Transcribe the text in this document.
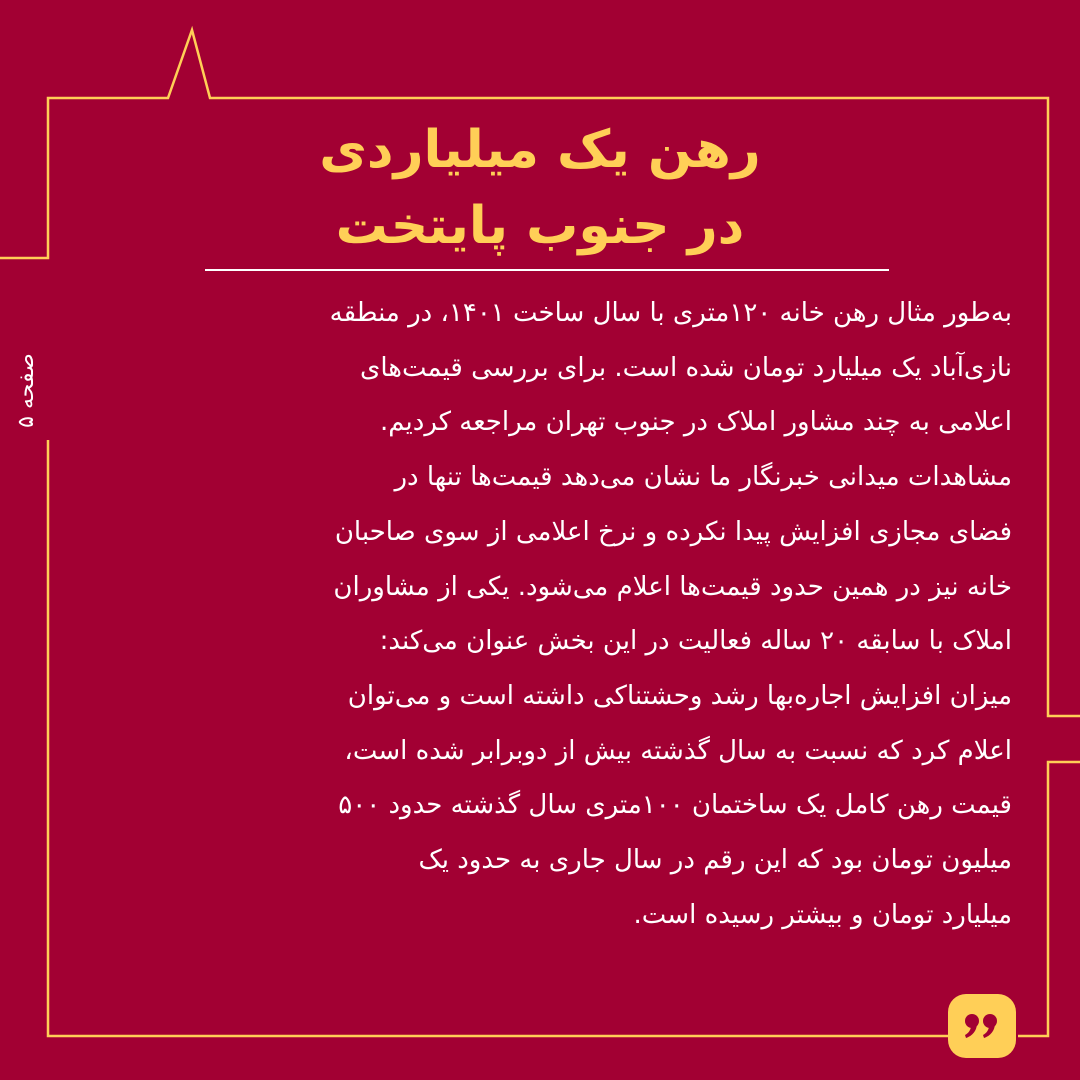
رهن یک میلیاردی
در جنوب پایتخت
صفحه ۵
به‌طور مثال رهن خانه ۱۲۰متری با سال ساخت ۱۴۰۱، در منطقه
نازی‌آباد یک میلیارد تومان شده است. برای بررسی قیمت‌های
اعلامی به چند مشاور املاک در جنوب تهران مراجعه کردیم.
مشاهدات میدانی خبرنگار ما نشان می‌دهد قیمت‌ها تنها در
فضای مجازی افزایش پیدا نکرده و نرخ اعلامی از سوی صاحبان
خانه نیز در همین حدود قیمت‌ها اعلام می‌شود. یکی از مشاوران
املاک با سابقه ۲۰ ساله فعالیت در این بخش عنوان می‌کند:
میزان افزایش اجاره‌بها رشد وحشتناکی داشته است و می‌توان
اعلام کرد که نسبت به سال گذشته بیش از دوبرابر شده است،
قیمت رهن کامل یک ساختمان ۱۰۰متری سال گذشته حدود ۵۰۰
میلیون تومان بود که این رقم در سال جاری به حدود یک
میلیارد تومان و بیشتر رسیده است.
